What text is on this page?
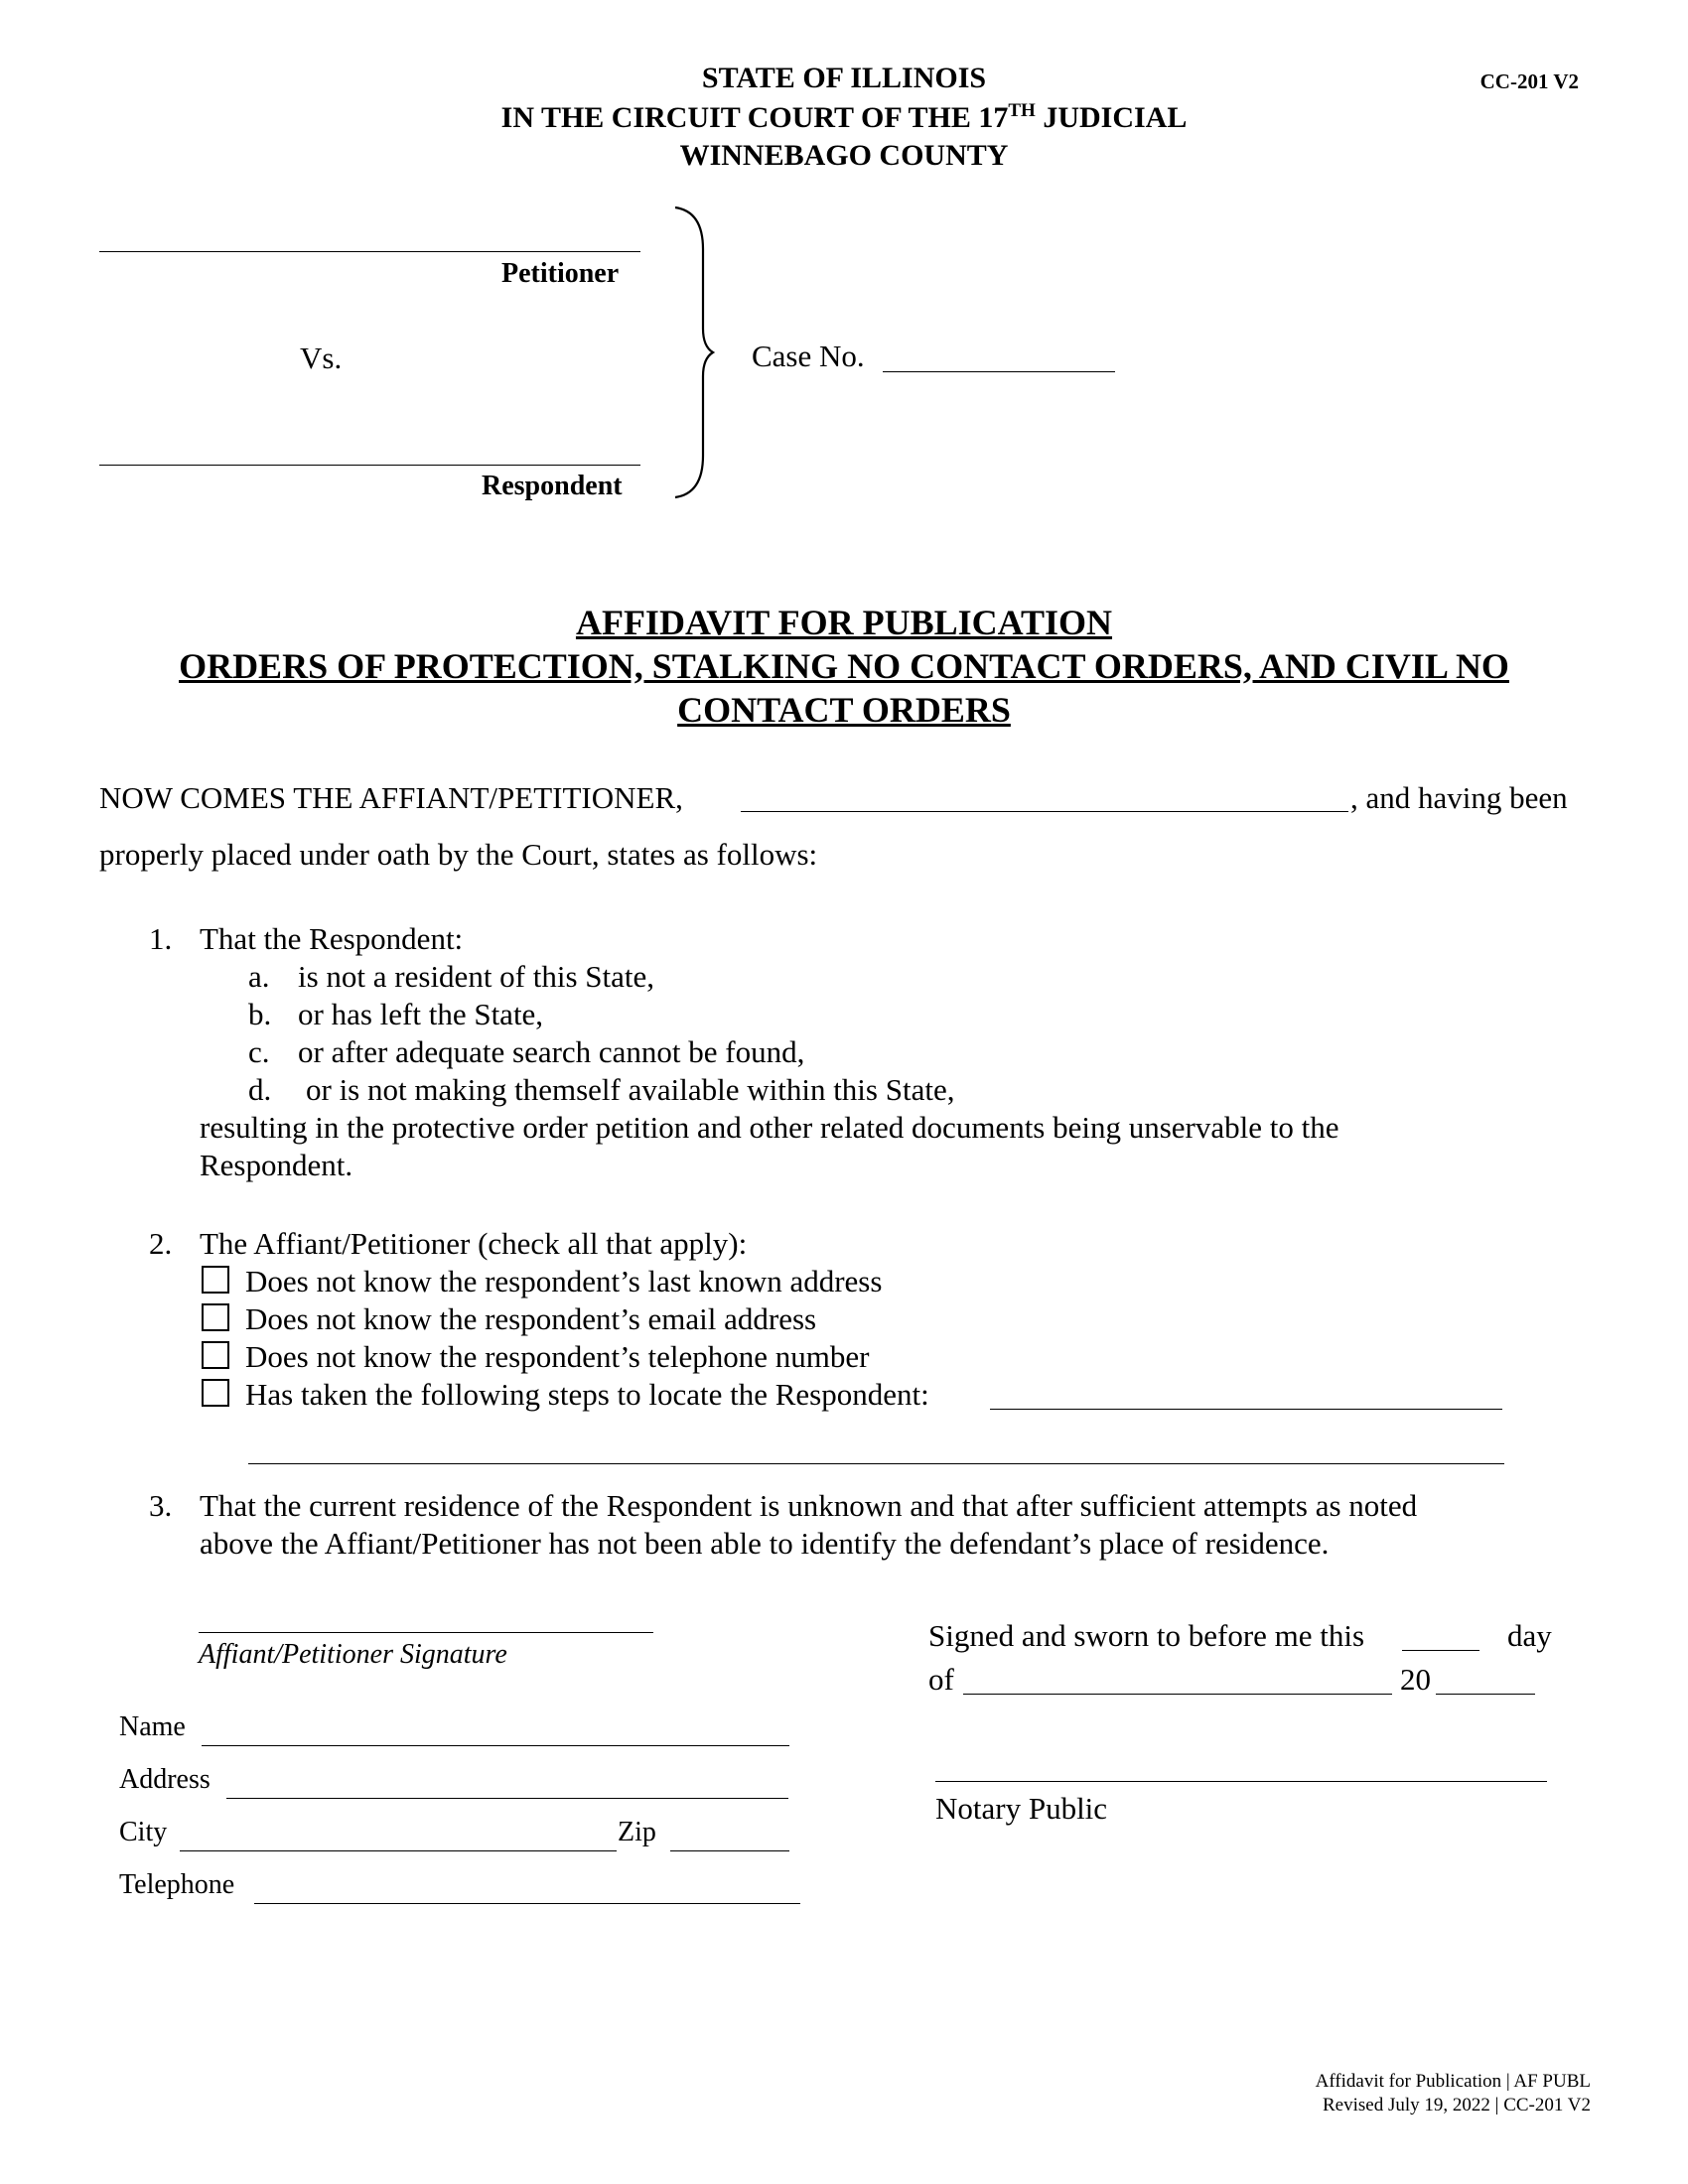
CC-201 V2
STATE OF ILLINOIS
IN THE CIRCUIT COURT OF THE 17TH JUDICIAL
WINNEBAGO COUNTY
Petitioner
Vs.
Respondent
Case No.
AFFIDAVIT FOR PUBLICATION
ORDERS OF PROTECTION, STALKING NO CONTACT ORDERS, AND CIVIL NO
CONTACT ORDERS
NOW COMES THE AFFIANT/PETITIONER,	, and having been
properly placed under oath by the Court, states as follows:
1. That the Respondent:
a. is not a resident of this State,
b. or has left the State,
c. or after adequate search cannot be found,
d. or is not making themself available within this State,
resulting in the protective order petition and other related documents being unservable to the
Respondent.
2. The Affiant/Petitioner (check all that apply):
Does not know the respondent’s last known address
Does not know the respondent’s email address
Does not know the respondent’s telephone number
Has taken the following steps to locate the Respondent:
3. That the current residence of the Respondent is unknown and that after sufficient attempts as noted
above the Affiant/Petitioner has not been able to identify the defendant’s place of residence.
Affiant/Petitioner Signature
Name
Address
City	Zip
Telephone
Signed and sworn to before me this	day
of	20
Notary Public
Affidavit for Publication | AF PUBL
Revised July 19, 2022 | CC-201 V2
